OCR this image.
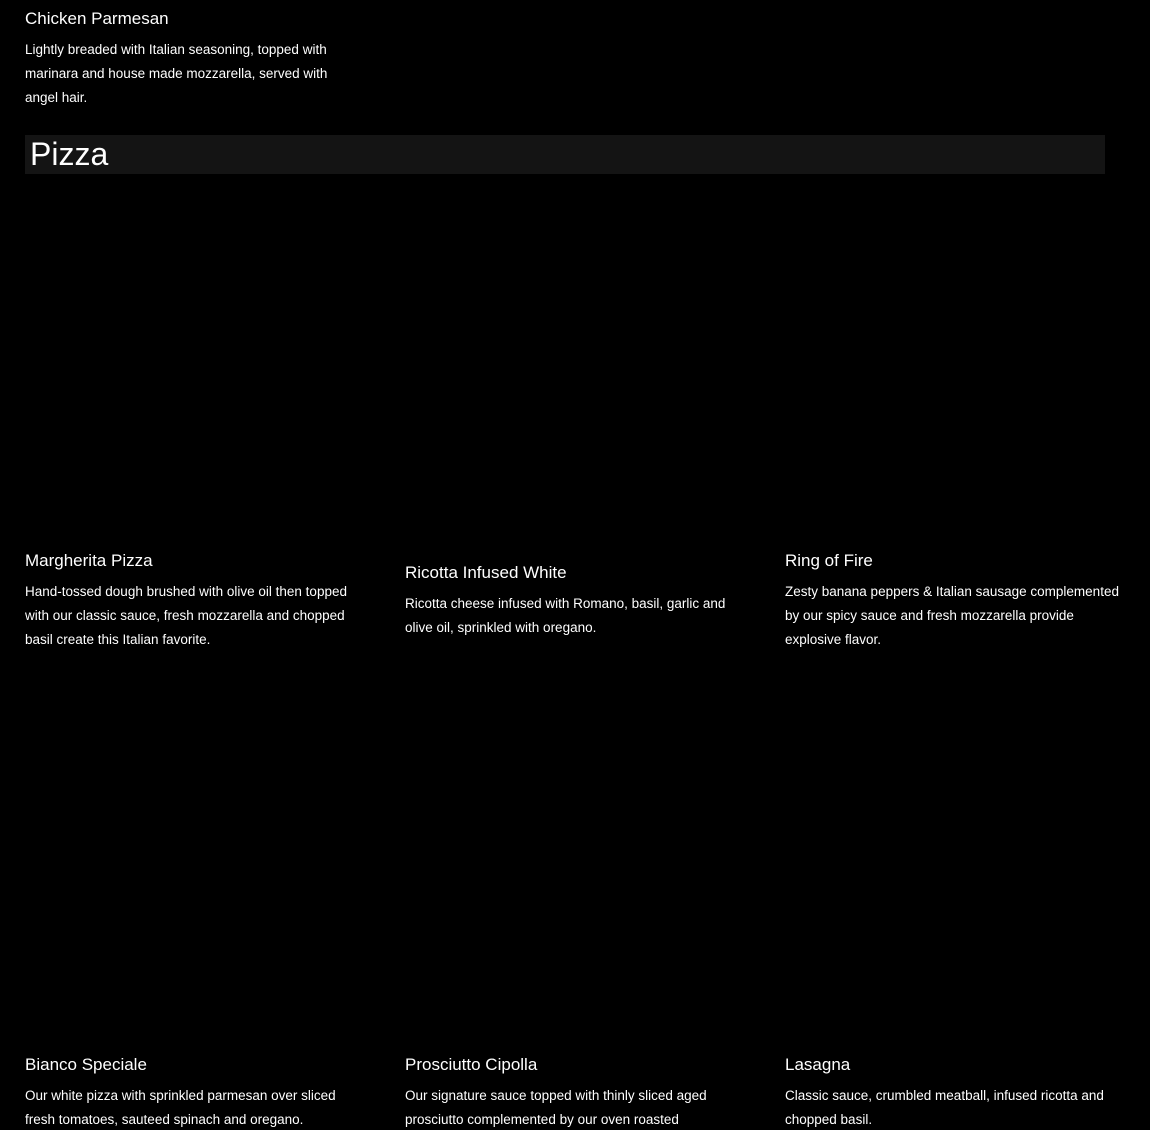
Chicken Parmesan

Lightly breaded with Italian seasoning, topped with marinara and house made mozzarella, served with angel hair.

Pizza
Margherita Pizza

Hand-tossed dough brushed with olive oil then topped with our classic sauce, fresh mozzarella and chopped basil create this Italian favorite.

Ricotta Infused White

Ricotta cheese infused with Romano, basil, garlic and olive oil, sprinkled with oregano.

Ring of Fire

Zesty banana peppers & Italian sausage complemented by our spicy sauce and fresh mozzarella provide explosive flavor.

Bianco Speciale

Our white pizza with sprinkled parmesan over sliced fresh tomatoes, sauteed spinach and oregano.

Prosciutto Cipolla

Our signature sauce topped with thinly sliced aged prosciutto complemented by our oven roasted

Lasagna

Classic sauce, crumbled meatball, infused ricotta and chopped basil.
